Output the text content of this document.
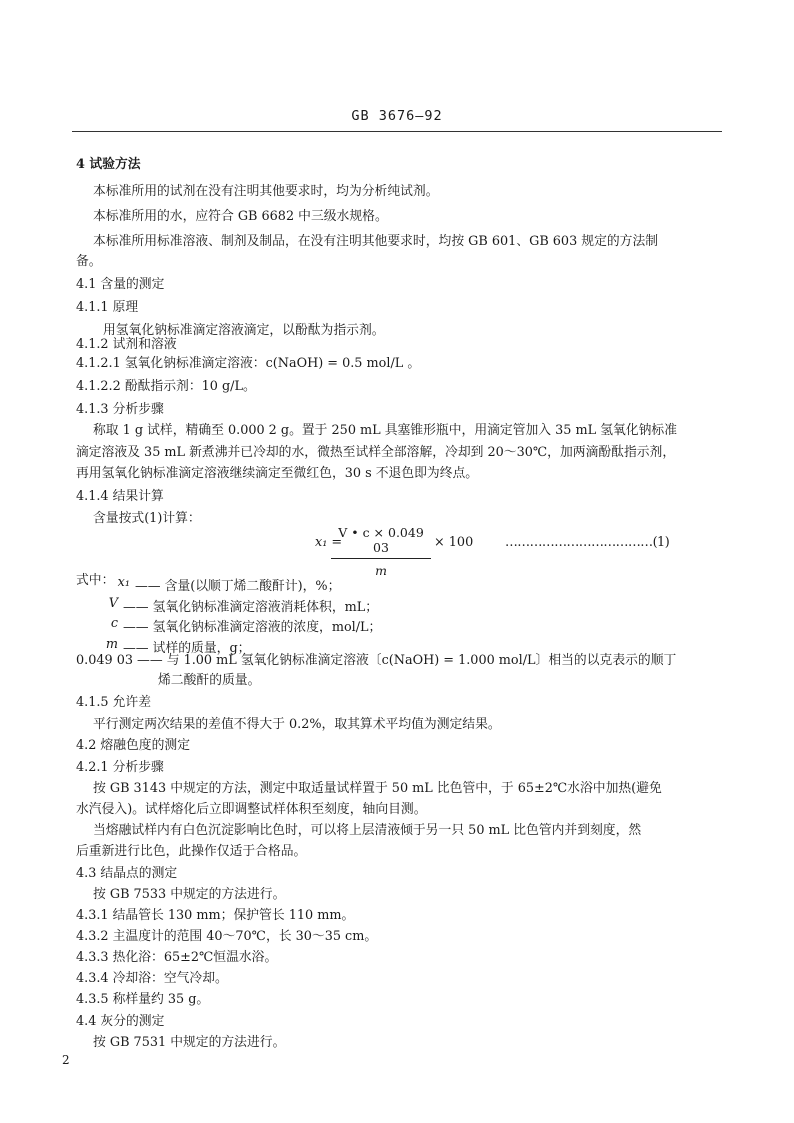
GB 3676—92
4 试验方法
本标准所用的试剂在没有注明其他要求时，均为分析纯试剂。
本标准所用的水，应符合 GB 6682 中三级水规格。
本标准所用标准溶液、制剂及制品，在没有注明其他要求时，均按 GB 601、GB 603 规定的方法制
备。
4.1 含量的测定
4.1.1 原理
用氢氧化钠标准滴定溶液滴定，以酚酞为指示剂。
4.1.2 试剂和溶液
4.1.2.1 氢氧化钠标准滴定溶液：c(NaOH) = 0.5 mol/L 。
4.1.2.2 酚酞指示剂：10 g/L。
4.1.3 分析步骤
称取 1 g 试样，精确至 0.000 2 g。置于 250 mL 具塞锥形瓶中，用滴定管加入 35 mL 氢氧化钠标准
滴定溶液及 35 mL 新煮沸并已冷却的水，微热至试样全部溶解，冷却到 20～30℃，加两滴酚酞指示剂，
再用氢氧化钠标准滴定溶液继续滴定至微红色，30 s 不退色即为终点。
4.1.4 结果计算
含量按式(1)计算：
x₁ =
V • c × 0.049 03
m
× 100 ………………………………(1)
式中： x₁ —— 含量(以顺丁烯二酸酐计)，%；
V —— 氢氧化钠标准滴定溶液消耗体积，mL；
c —— 氢氧化钠标准滴定溶液的浓度，mol/L；
m —— 试样的质量，g；
0.049 03 —— 与 1.00 mL 氢氧化钠标准滴定溶液〔c(NaOH) = 1.000 mol/L〕相当的以克表示的顺丁
烯二酸酐的质量。
4.1.5 允许差
平行测定两次结果的差值不得大于 0.2%，取其算术平均值为测定结果。
4.2 熔融色度的测定
4.2.1 分析步骤
按 GB 3143 中规定的方法，测定中取适量试样置于 50 mL 比色管中，于 65±2℃水浴中加热(避免
水汽侵入)。试样熔化后立即调整试样体积至刻度，轴向目测。
当熔融试样内有白色沉淀影响比色时，可以将上层清液倾于另一只 50 mL 比色管内并到刻度，然
后重新进行比色，此操作仅适于合格品。
4.3 结晶点的测定
按 GB 7533 中规定的方法进行。
4.3.1 结晶管长 130 mm；保护管长 110 mm。
4.3.2 主温度计的范围 40～70℃，长 30～35 cm。
4.3.3 热化浴：65±2℃恒温水浴。
4.3.4 冷却浴：空气冷却。
4.3.5 称样量约 35 g。
4.4 灰分的测定
按 GB 7531 中规定的方法进行。
2
